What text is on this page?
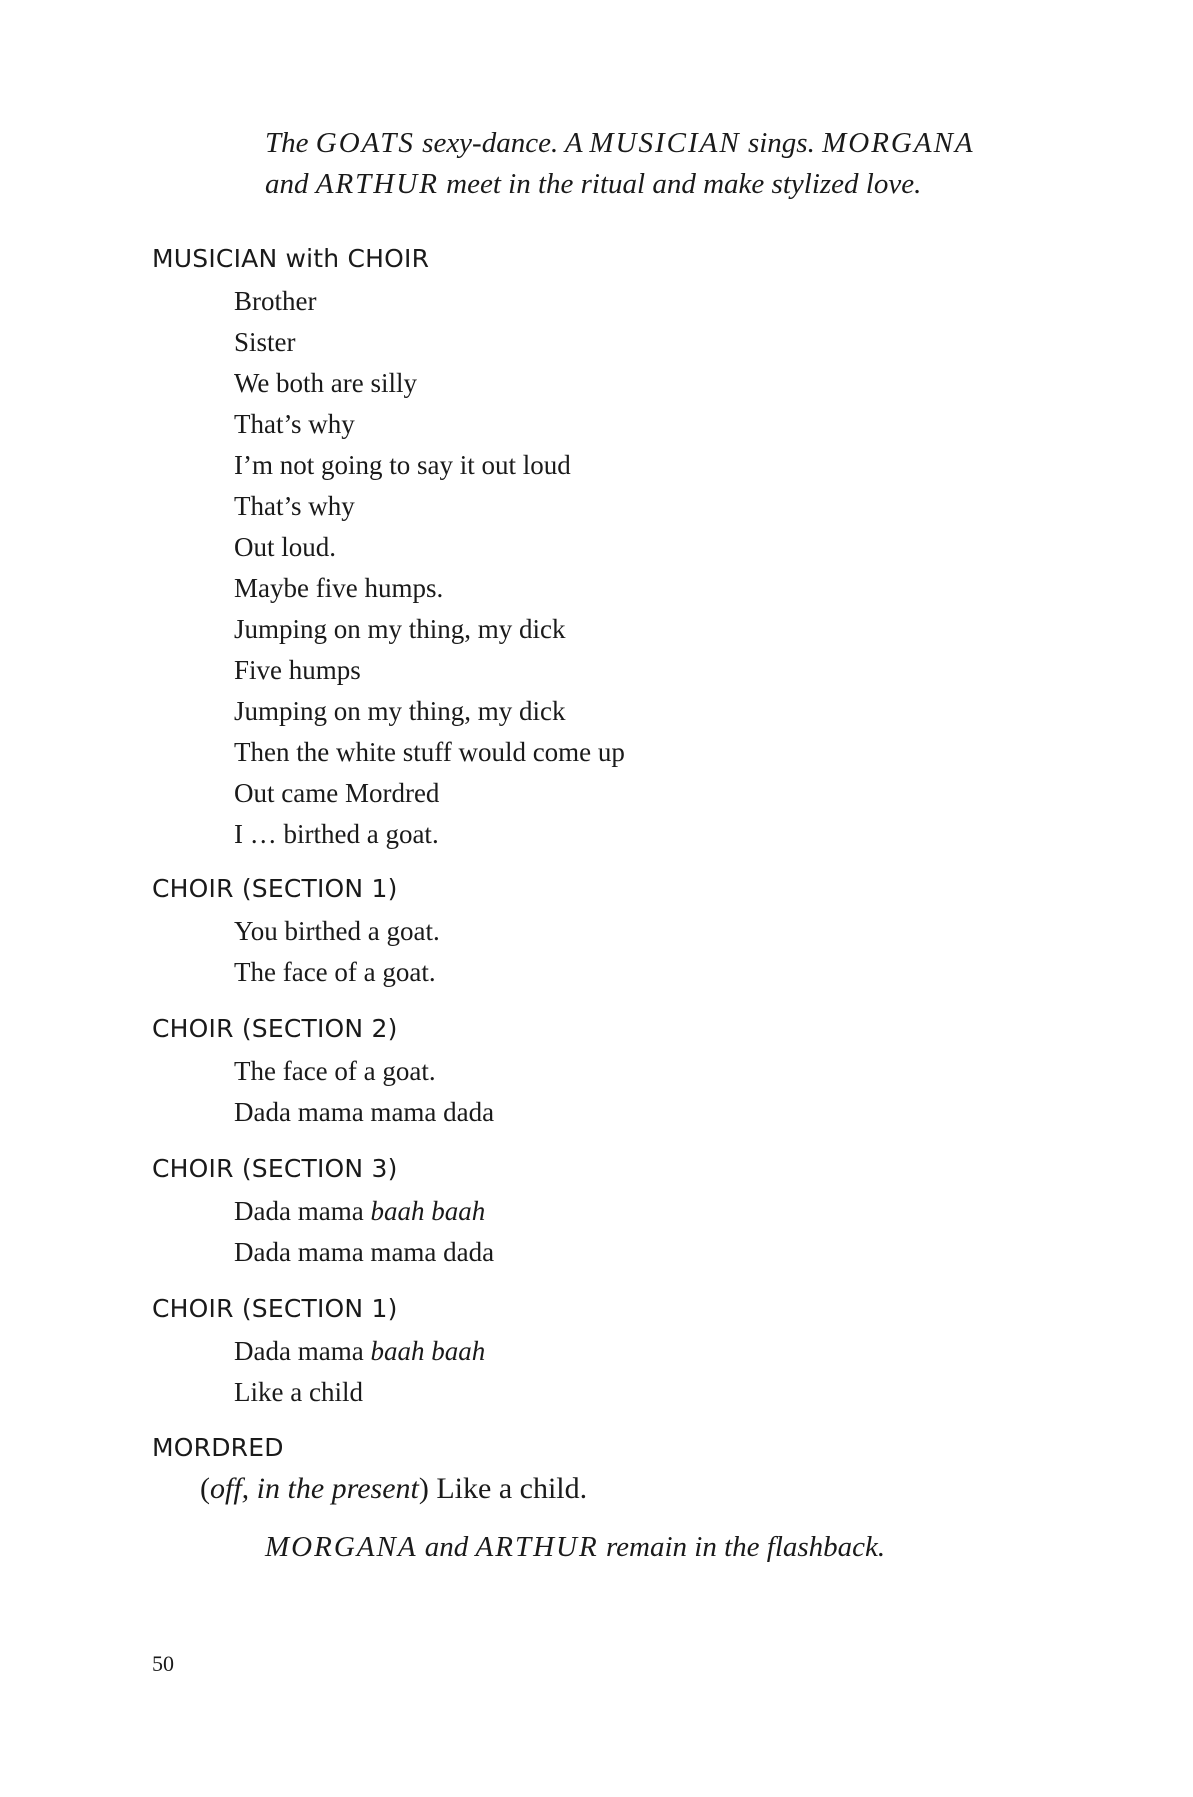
The GOATS sexy-dance. A MUSICIAN sings. MORGANA

and ARTHUR meet in the ritual and make stylized love.

MUSICIAN with CHOIR

Brother
Sister
We both are silly
That’s why
I’m not going to say it out loud
That’s why
Out loud.
Maybe five humps.
Jumping on my thing, my dick
Five humps
Jumping on my thing, my dick
Then the white stuff would come up
Out came Mordred
I … birthed a goat.

CHOIR (SECTION 1)

You birthed a goat.
The face of a goat.

CHOIR (SECTION 2)

The face of a goat.
Dada mama mama dada

CHOIR (SECTION 3)

Dada mama baah baah
Dada mama mama dada

CHOIR (SECTION 1)

Dada mama baah baah
Like a child

MORDRED

(off, in the present) Like a child.

MORGANA and ARTHUR remain in the flashback.

50
